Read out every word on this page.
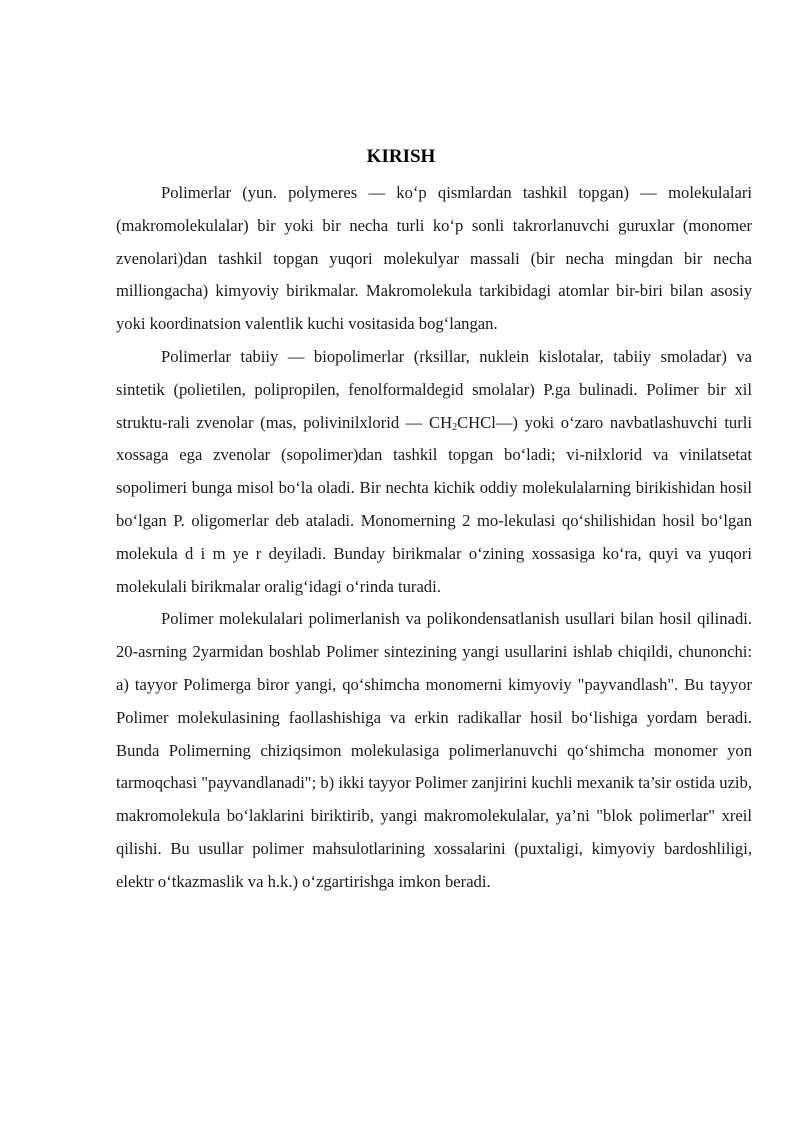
KIRISH

Polimerlar (yun. polymeres — ko‘p qismlardan tashkil topgan) — molekulalari (makromolekulalar) bir yoki bir necha turli ko‘p sonli takrorlanuvchi guruxlar (monomer zvenolari)dan tashkil topgan yuqori molekulyar massali (bir necha mingdan bir necha milliongacha) kimyoviy birikmalar. Makromolekula tarkibidagi atomlar bir-biri bilan asosiy yoki koordinatsion valentlik kuchi vositasida bog‘langan.

Polimerlar tabiiy — biopolimerlar (rksillar, nuklein kislotalar, tabiiy smoladar) va sintetik (polietilen, polipropilen, fenolformaldegid smolalar) P.ga bulinadi. Polimer bir xil struktu-rali zvenolar (mas, polivinilxlorid — $CH_2CHCl—$) yoki o‘zaro navbatlashuvchi turli xossaga ega zvenolar (sopolimer)dan tashkil topgan bo‘ladi; vi-nilxlorid va vinilatsetat sopolimeri bunga misol bo‘la oladi. Bir nechta kichik oddiy molekulalarning birikishidan hosil bo‘lgan P. oligomerlar deb ataladi. Monomerning 2 mo-lekulasi qo‘shilishidan hosil bo‘lgan molekula d i m ye r deyiladi. Bunday birikmalar o‘zining xossasiga ko‘ra, quyi va yuqori molekulali birikmalar oralig‘idagi o‘rinda turadi.

Polimer molekulalari polimerlanish va polikondensatlanish usullari bilan hosil qilinadi. 20-asrning 2yarmidan boshlab Polimer sintezining yangi usullarini ishlab chiqildi, chunonchi: a) tayyor Polimerga biror yangi, qo‘shimcha monomerni kimyoviy "payvandlash". Bu tayyor Polimer molekulasining faollashishiga va erkin radikallar hosil bo‘lishiga yordam beradi. Bunda Polimerning chiziqsimon molekulasiga polimerlanuvchi qo‘shimcha monomer yon tarmoqchasi "payvandlanadi"; b) ikki tayyor Polimer zanjirini kuchli mexanik ta’sir ostida uzib, makromolekula bo‘laklarini biriktirib, yangi makromolekulalar, ya’ni "blok polimerlar" xreil qilishi. Bu usullar polimer mahsulotlarining xossalarini (puxtaligi, kimyoviy bardoshliligi, elektr o‘tkazmaslik va h.k.) o‘zgartirishga imkon beradi.
